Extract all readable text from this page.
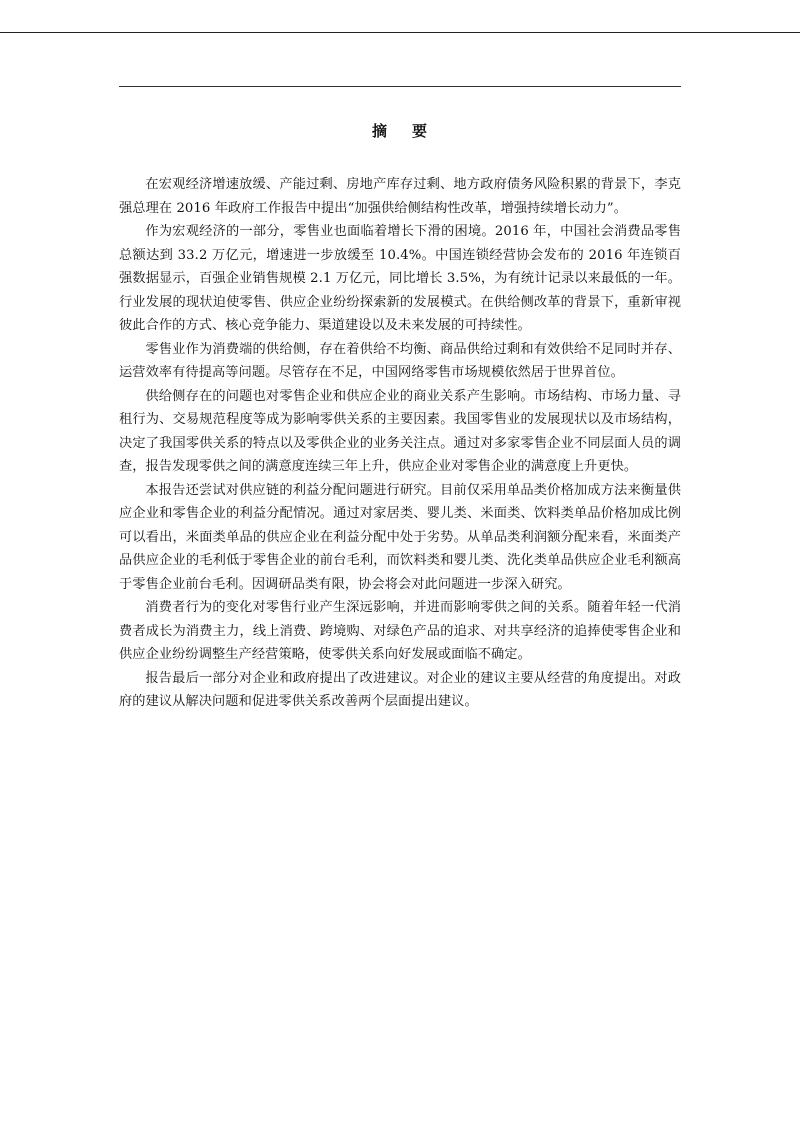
摘 要

在宏观经济增速放缓、产能过剩、房地产库存过剩、地方政府债务风险积累的背景下，李克强总理在 2016 年政府工作报告中提出“加强供给侧结构性改革，增强持续增长动力”。

作为宏观经济的一部分，零售业也面临着增长下滑的困境。2016 年，中国社会消费品零售总额达到 33.2 万亿元，增速进一步放缓至 10.4%。中国连锁经营协会发布的 2016 年连锁百强数据显示，百强企业销售规模 2.1 万亿元，同比增长 3.5%，为有统计记录以来最低的一年。行业发展的现状迫使零售、供应企业纷纷探索新的发展模式。在供给侧改革的背景下，重新审视彼此合作的方式、核心竞争能力、渠道建设以及未来发展的可持续性。

零售业作为消费端的供给侧，存在着供给不均衡、商品供给过剩和有效供给不足同时并存、运营效率有待提高等问题。尽管存在不足，中国网络零售市场规模依然居于世界首位。

供给侧存在的问题也对零售企业和供应企业的商业关系产生影响。市场结构、市场力量、寻租行为、交易规范程度等成为影响零供关系的主要因素。我国零售业的发展现状以及市场结构，决定了我国零供关系的特点以及零供企业的业务关注点。通过对多家零售企业不同层面人员的调查，报告发现零供之间的满意度连续三年上升，供应企业对零售企业的满意度上升更快。

本报告还尝试对供应链的利益分配问题进行研究。目前仅采用单品类价格加成方法来衡量供应企业和零售企业的利益分配情况。通过对家居类、婴儿类、米面类、饮料类单品价格加成比例可以看出，米面类单品的供应企业在利益分配中处于劣势。从单品类利润额分配来看，米面类产品供应企业的毛利低于零售企业的前台毛利，而饮料类和婴儿类、洗化类单品供应企业毛利额高于零售企业前台毛利。因调研品类有限，协会将会对此问题进一步深入研究。

消费者行为的变化对零售行业产生深远影响，并进而影响零供之间的关系。随着年轻一代消费者成长为消费主力，线上消费、跨境购、对绿色产品的追求、对共享经济的追捧使零售企业和供应企业纷纷调整生产经营策略，使零供关系向好发展或面临不确定。

报告最后一部分对企业和政府提出了改进建议。对企业的建议主要从经营的角度提出。对政府的建议从解决问题和促进零供关系改善两个层面提出建议。
